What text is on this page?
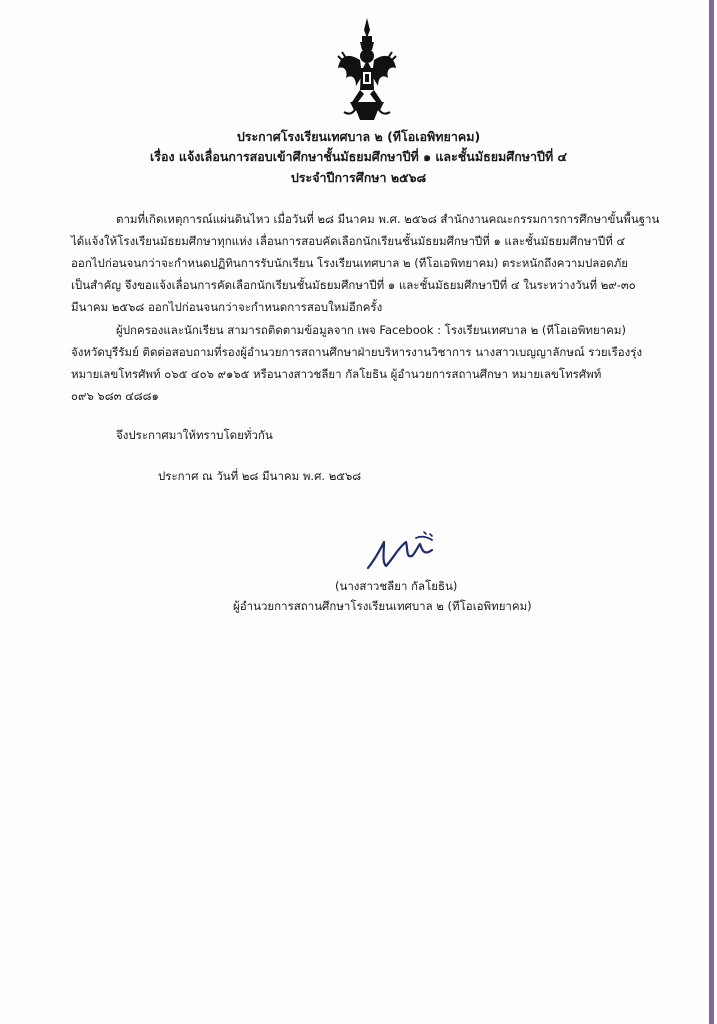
ประกาศโรงเรียนเทศบาล ๒ (ทีโอเอพิทยาคม)
เรื่อง แจ้งเลื่อนการสอบเข้าศึกษาชั้นมัธยมศึกษาปีที่ ๑ และชั้นมัธยมศึกษาปีที่ ๔
ประจำปีการศึกษา ๒๕๖๘
ตามที่เกิดเหตุการณ์แผ่นดินไหว เมื่อวันที่ ๒๘ มีนาคม พ.ศ. ๒๕๖๘ สำนักงานคณะกรรมการการศึกษาขั้นพื้นฐาน
ได้แจ้งให้โรงเรียนมัธยมศึกษาทุกแห่ง เลื่อนการสอบคัดเลือกนักเรียนชั้นมัธยมศึกษาปีที่ ๑ และชั้นมัธยมศึกษาปีที่ ๔
ออกไปก่อนจนกว่าจะกำหนดปฏิทินการรับนักเรียน โรงเรียนเทศบาล ๒ (ทีโอเอพิทยาคม) ตระหนักถึงความปลอดภัย
เป็นสำคัญ จึงขอแจ้งเลื่อนการคัดเลือกนักเรียนชั้นมัธยมศึกษาปีที่ ๑ และชั้นมัธยมศึกษาปีที่ ๔ ในระหว่างวันที่ ๒๙-๓๐
มีนาคม ๒๕๖๘ ออกไปก่อนจนกว่าจะกำหนดการสอบใหม่อีกครั้ง
ผู้ปกครองและนักเรียน สามารถติดตามข้อมูลจาก เพจ Facebook : โรงเรียนเทศบาล ๒ (ทีโอเอพิทยาคม)
จังหวัดบุรีรัมย์ ติดต่อสอบถามที่รองผู้อำนวยการสถานศึกษาฝ่ายบริหารงานวิชาการ นางสาวเบญญาลักษณ์ รวยเรืองรุ่ง
หมายเลขโทรศัพท์ ๐๖๕ ๔๐๖ ๙๑๖๕ หรือนางสาวชลียา กัลโยธิน ผู้อำนวยการสถานศึกษา หมายเลขโทรศัพท์
๐๙๖ ๖๘๓ ๔๘๘๑
จึงประกาศมาให้ทราบโดยทั่วกัน
ประกาศ ณ วันที่ ๒๘ มีนาคม พ.ศ. ๒๕๖๘
(นางสาวชลียา กัลโยธิน)
ผู้อำนวยการสถานศึกษาโรงเรียนเทศบาล ๒ (ทีโอเอพิทยาคม)
